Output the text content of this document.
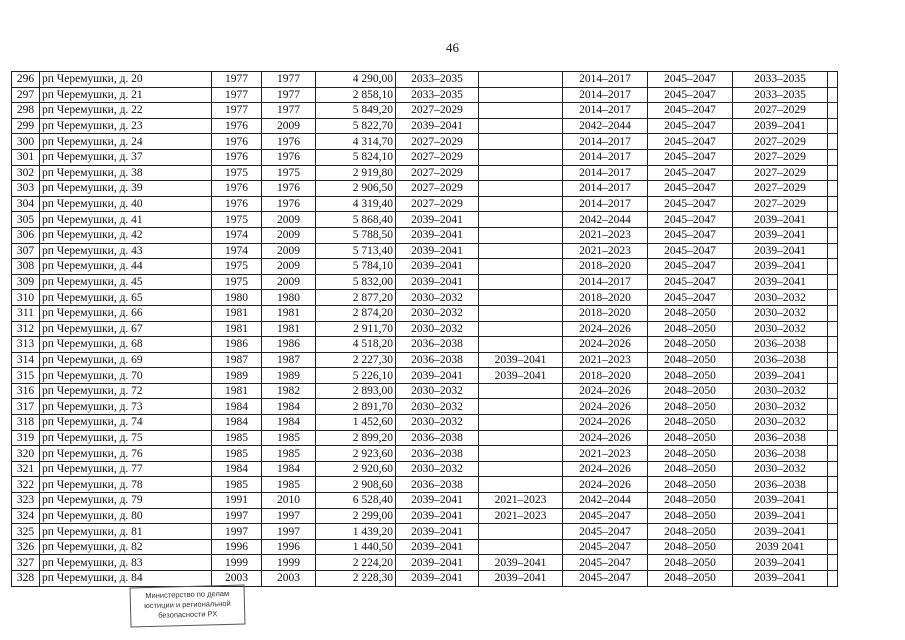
46
296	рп Черемушки, д. 20	1977	1977	4 290,00	2033–2035		2014–2017	2045–2047	2033–2035	
297	рп Черемушки, д. 21	1977	1977	2 858,10	2033–2035		2014–2017	2045–2047	2033–2035	
298	рп Черемушки, д. 22	1977	1977	5 849,20	2027–2029		2014–2017	2045–2047	2027–2029	
299	рп Черемушки, д. 23	1976	2009	5 822,70	2039–2041		2042–2044	2045–2047	2039–2041	
300	рп Черемушки, д. 24	1976	1976	4 314,70	2027–2029		2014–2017	2045–2047	2027–2029	
301	рп Черемушки, д. 37	1976	1976	5 824,10	2027–2029		2014–2017	2045–2047	2027–2029	
302	рп Черемушки, д. 38	1975	1975	2 919,80	2027–2029		2014–2017	2045–2047	2027–2029	
303	рп Черемушки, д. 39	1976	1976	2 906,50	2027–2029		2014–2017	2045–2047	2027–2029	
304	рп Черемушки, д. 40	1976	1976	4 319,40	2027–2029		2014–2017	2045–2047	2027–2029	
305	рп Черемушки, д. 41	1975	2009	5 868,40	2039–2041		2042–2044	2045–2047	2039–2041	
306	рп Черемушки, д. 42	1974	2009	5 788,50	2039–2041		2021–2023	2045–2047	2039–2041	
307	рп Черемушки, д. 43	1974	2009	5 713,40	2039–2041		2021–2023	2045–2047	2039–2041	
308	рп Черемушки, д. 44	1975	2009	5 784,10	2039–2041		2018–2020	2045–2047	2039–2041	
309	рп Черемушки, д. 45	1975	2009	5 832,00	2039–2041		2014–2017	2045–2047	2039–2041	
310	рп Черемушки, д. 65	1980	1980	2 877,20	2030–2032		2018–2020	2045–2047	2030–2032	
311	рп Черемушки, д. 66	1981	1981	2 874,20	2030–2032		2018–2020	2048–2050	2030–2032	
312	рп Черемушки, д. 67	1981	1981	2 911,70	2030–2032		2024–2026	2048–2050	2030–2032	
313	рп Черемушки, д. 68	1986	1986	4 518,20	2036–2038		2024–2026	2048–2050	2036–2038	
314	рп Черемушки, д. 69	1987	1987	2 227,30	2036–2038	2039–2041	2021–2023	2048–2050	2036–2038	
315	рп Черемушки, д. 70	1989	1989	5 226,10	2039–2041	2039–2041	2018–2020	2048–2050	2039–2041	
316	рп Черемушки, д. 72	1981	1982	2 893,00	2030–2032		2024–2026	2048–2050	2030–2032	
317	рп Черемушки, д. 73	1984	1984	2 891,70	2030–2032		2024–2026	2048–2050	2030–2032	
318	рп Черемушки, д. 74	1984	1984	1 452,60	2030–2032		2024–2026	2048–2050	2030–2032	
319	рп Черемушки, д. 75	1985	1985	2 899,20	2036–2038		2024–2026	2048–2050	2036–2038	
320	рп Черемушки, д. 76	1985	1985	2 923,60	2036–2038		2021–2023	2048–2050	2036–2038	
321	рп Черемушки, д. 77	1984	1984	2 920,60	2030–2032		2024–2026	2048–2050	2030–2032	
322	рп Черемушки, д. 78	1985	1985	2 908,60	2036–2038		2024–2026	2048–2050	2036–2038	
323	рп Черемушки, д. 79	1991	2010	6 528,40	2039–2041	2021–2023	2042–2044	2048–2050	2039–2041	
324	рп Черемушки, д. 80	1997	1997	2 299,00	2039–2041	2021–2023	2045–2047	2048–2050	2039–2041	
325	рп Черемушки, д. 81	1997	1997	1 439,20	2039–2041		2045–2047	2048–2050	2039–2041	
326	рп Черемушки, д. 82	1996	1996	1 440,50	2039–2041		2045–2047	2048–2050	2039 2041	
327	рп Черемушки, д. 83	1999	1999	2 224,20	2039–2041	2039–2041	2045–2047	2048–2050	2039–2041	
328	рп Черемушки, д. 84	2003	2003	2 228,30	2039–2041	2039–2041	2045–2047	2048–2050	2039–2041	
Министерство по делам
юстиции и региональной
безопасности РХ
